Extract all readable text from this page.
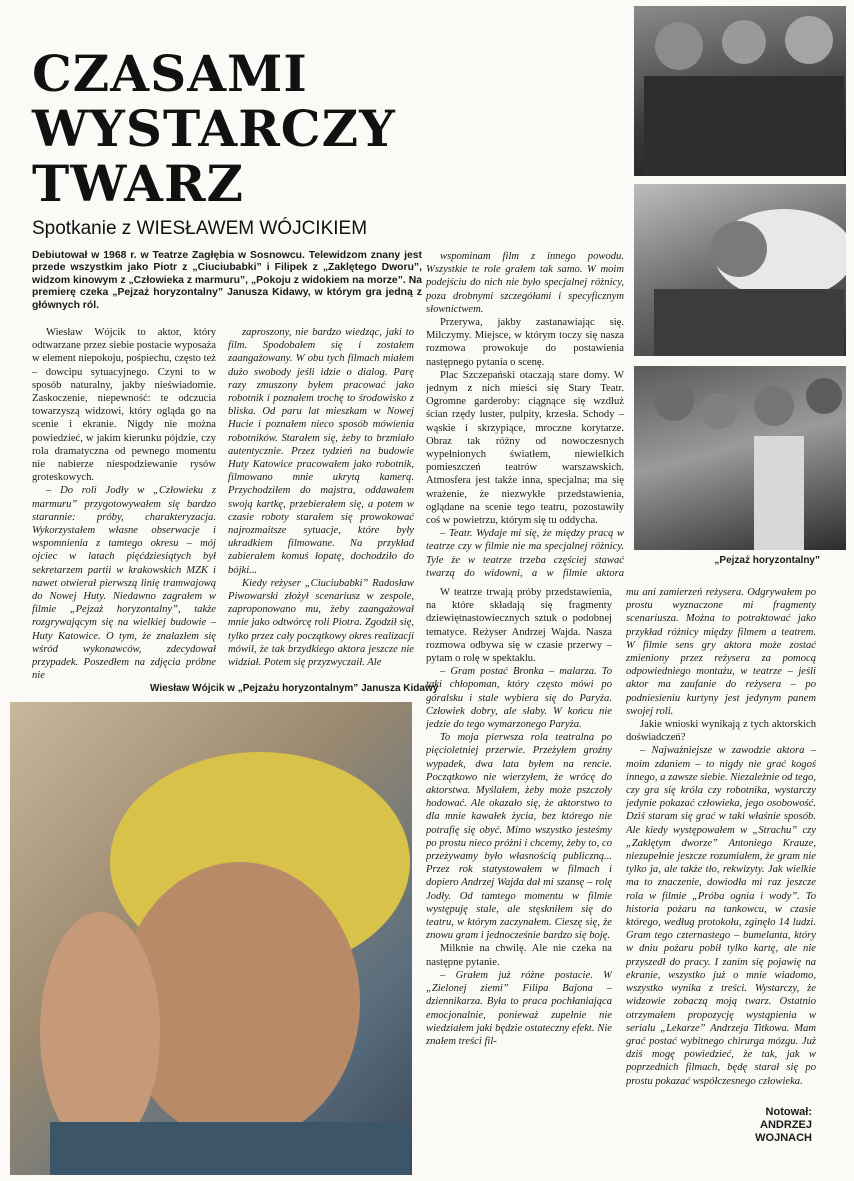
CZASAMI
WYSTARCZY
TWARZ
Spotkanie z WIESŁAWEM WÓJCIKIEM
Debiutował w 1968 r. w Teatrze Zagłębia w Sosnowcu. Telewidzom znany jest przede wszystkim jako Piotr z „Ciuciubabki” i Filipek z „Zaklętego Dworu”, widzom kinowym z „Człowieka z marmuru”, „Pokoju z widokiem na morze”. Na premierę czeka „Pejzaż horyzontalny” Janusza Kidawy, w którym gra jedną z głównych ról.

Wiesław Wójcik to aktor, który odtwarzane przez siebie postacie wyposaża w element niepokoju, pośpiechu, często też – dowcipu sytuacyjnego. Czyni to w sposób naturalny, jakby nieświadomie. Zaskoczenie, niepewność: te odczucia towarzyszą widzowi, który ogląda go na scenie i ekranie. Nigdy nie można powiedzieć, w jakim kierunku pójdzie, czy rola dramatyczna od pewnego momentu nie nabierze niespodziewanie rysów groteskowych.

– Do roli Jodły w „Człowieku z marmuru” przygotowywałem się bardzo starannie: próby, charakteryzacja. Wykorzystałem własne obserwacje i wspomnienia z tamtego okresu – mój ojciec w latach pięćdziesiątych był sekretarzem partii w krakowskich MZK i nawet otwierał pierwszą linię tramwajową do Nowej Huty. Niedawno zagrałem w filmie „Pejzaż horyzontalny”, także rozgrywającym się na wielkiej budowie – Huty Katowice. O tym, że znalazłem się wśród wykonawców, zdecydował przypadek. Poszedłem na zdjęcia próbne nie

zaproszony, nie bardzo wiedząc, jaki to film. Spodobałem się i zostałem zaangażowany. W obu tych filmach miałem dużo swobody jeśli idzie o dialog. Parę razy zmuszony byłem pracować jako robotnik i poznałem trochę to środowisko z bliska. Od paru lat mieszkam w Nowej Hucie i poznałem nieco sposób mówienia robotników. Starałem się, żeby to brzmiało autentycznie. Przez tydzień na budowie Huty Katowice pracowałem jako robotnik, filmowano mnie ukrytą kamerą. Przychodziłem do majstra, oddawałem swoją kartkę, przebierałem się, a potem w czasie roboty starałem się prowokować najrozmaitsze sytuacje, które były ukradkiem filmowane. Na przykład zabierałem komuś łopatę, dochodziło do bójki...

Kiedy reżyser „Ciuciubabki” Radosław Piwowarski złożył scenariusz w zespole, zaproponowano mu, żeby zaangażował mnie jako odtwórcę roli Piotra. Zgodził się, tylko przez cały początkowy okres realizacji mówił, że tak brzydkiego aktora jeszcze nie widział. Potem się przyzwyczaił. Ale

wspominam film z innego powodu. Wszystkie te role grałem tak samo. W moim podejściu do nich nie było specjalnej różnicy, poza drobnymi szczegółami i specyficznym słownictwem.

Przerywa, jakby zastanawiając się. Milczymy. Miejsce, w którym toczy się nasza rozmowa prowokuje do postawienia następnego pytania o scenę.

Plac Szczepański otaczają stare domy. W jednym z nich mieści się Stary Teatr. Ogromne garderoby: ciągnące się wzdłuż ścian rzędy luster, pulpity, krzesła. Schody – wąskie i skrzypiące, mroczne korytarze. Obraz tak różny od nowoczesnych wypełnionych światłem, niewielkich pomieszczeń teatrów warszawskich. Atmosfera jest także inna, specjalna; ma się wrażenie, że niezwykłe przedstawienia, oglądane na scenie tego teatru, pozostawiły coś w powietrzu, którym się tu oddycha.

– Teatr. Wydaje mi się, że między pracą w teatrze czy w filmie nie ma specjalnej różnicy. Tyle że w teatrze trzeba częściej stawać twarzą do widowni, a w filmie aktora

W teatrze trwają próby przedstawienia, na które składają się fragmenty dziewiętnastowiecznych sztuk o podobnej tematyce. Reżyser Andrzej Wajda. Nasza rozmowa odbywa się w czasie przerwy – pytam o rolę w spektaklu.

– Gram postać Bronka – malarza. To taki chłopoman, który często mówi po góralsku i stale wybiera się do Paryża. Człowiek dobry, ale słaby. W końcu nie jedzie do tego wymarzonego Paryża.

To moja pierwsza rola teatralna po pięcioletniej przerwie. Przeżyłem groźny wypadek, dwa lata byłem na rencie. Początkowo nie wierzyłem, że wrócę do aktorstwa. Myślałem, żeby może pszczoły hodować. Ale okazało się, że aktorstwo to dla mnie kawałek życia, bez którego nie potrafię się obyć. Mimo wszystko jesteśmy po prostu nieco próżni i chcemy, żeby to, co przeżywamy było własnością publiczną... Przez rok statystowałem w filmach i dopiero Andrzej Wajda dał mi szansę – rolę Jodły. Od tamtego momentu w filmie występuję stale, ale stęskniłem się do teatru, w którym zaczynałem. Cieszę się, że znowu gram i jednocześnie bardzo się boję.

Milknie na chwilę. Ale nie czeka na następne pytanie.

– Grałem już różne postacie. W „Zielonej ziemi” Filipa Bajona – dziennikarza. Była to praca pochłaniająca emocjonalnie, ponieważ zupełnie nie wiedziałem jaki będzie ostateczny efekt. Nie znałem treści fil-

mu ani zamierzeń reżysera. Odgrywałem po prostu wyznaczone mi fragmenty scenariusza. Można to potraktować jako przykład różnicy między filmem a teatrem. W filmie sens gry aktora może zostać zmieniony przez reżysera za pomocą odpowiedniego montażu, w teatrze – jeśli aktor ma zaufanie do reżysera – po podniesieniu kurtyny jest jedynym panem swojej roli.

Jakie wnioski wynikają z tych aktorskich doświadczeń?

– Najważniejsze w zawodzie aktora – moim zdaniem – to nigdy nie grać kogoś innego, a zawsze siebie. Niezależnie od tego, czy gra się króla czy robotnika, wystarczy jedynie pokazać człowieka, jego osobowość. Dziś staram się grać w taki właśnie sposób. Ale kiedy występowałem w „Strachu” czy „Zaklętym dworze” Antoniego Krauze, niezupełnie jeszcze rozumiałem, że gram nie tylko ja, ale także tło, rekwizyty. Jak wielkie ma to znaczenie, dowiodła mi raz jeszcze rola w filmie „Próba ognia i wody”. To historia pożaru na tankowcu, w czasie którego, według protokołu, zginęło 14 ludzi. Gram tego czternastego – bumelanta, który w dniu pożaru pobił tylko kartę, ale nie przyszedł do pracy. I zanim się pojawię na ekranie, wszystko już o mnie wiadomo, wszystko wynika z treści. Wystarczy, że widzowie zobaczą moją twarz. Ostatnio otrzymałem propozycję wystąpienia w serialu „Lekarze” Andrzeja Titkowa. Mam grać postać wybitnego chirurga mózgu. Już dziś mogę powiedzieć, że tak, jak w poprzednich filmach, będę starał się po prostu pokazać współczesnego człowieka.

Wiesław Wójcik w „Pejzażu horyzontalnym” Janusza Kidawy
„Pejzaż horyzontalny”
Notował:
ANDRZEJ
WOJNACH
